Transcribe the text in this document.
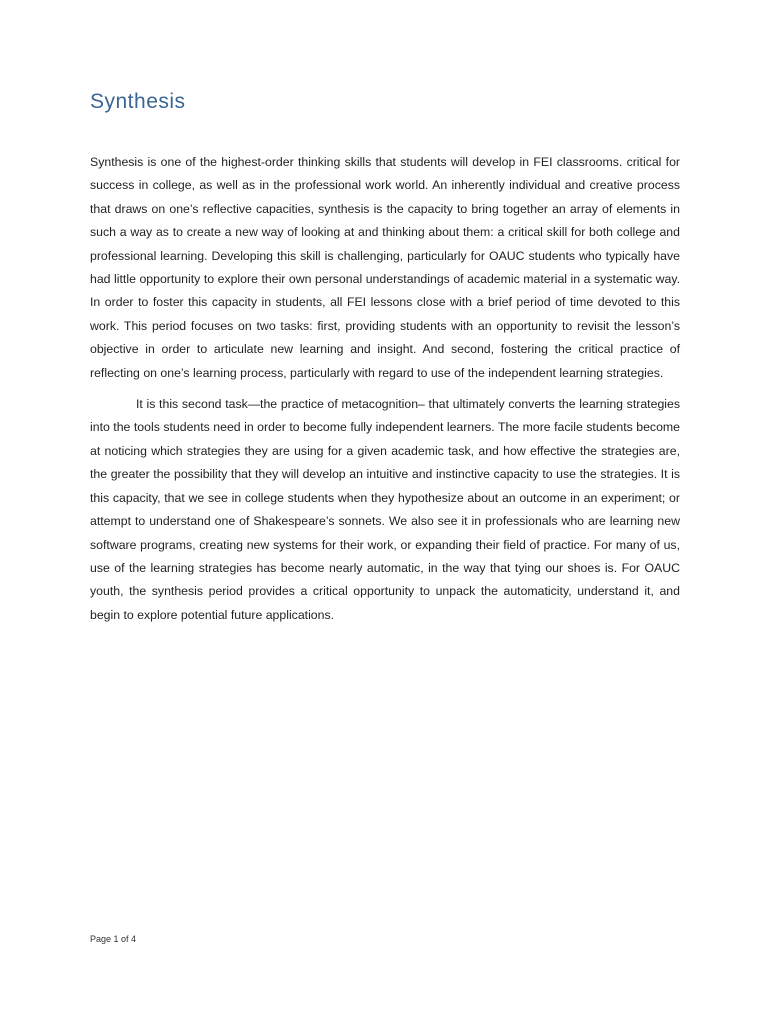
Synthesis

Synthesis is one of the highest-order thinking skills that students will develop in FEI classrooms. critical for success in college, as well as in the professional work world. An inherently individual and creative process that draws on one’s reflective capacities, synthesis is the capacity to bring together an array of elements in such a way as to create a new way of looking at and thinking about them: a critical skill for both college and professional learning. Developing this skill is challenging, particularly for OAUC students who typically have had little opportunity to explore their own personal understandings of academic material in a systematic way. In order to foster this capacity in students, all FEI lessons close with a brief period of time devoted to this work. This period focuses on two tasks: first, providing students with an opportunity to revisit the lesson’s objective in order to articulate new learning and insight. And second, fostering the critical practice of reflecting on one’s learning process, particularly with regard to use of the independent learning strategies.

It is this second task—the practice of metacognition– that ultimately converts the learning strategies into the tools students need in order to become fully independent learners. The more facile students become at noticing which strategies they are using for a given academic task, and how effective the strategies are, the greater the possibility that they will develop an intuitive and instinctive capacity to use the strategies. It is this capacity, that we see in college students when they hypothesize about an outcome in an experiment; or attempt to understand one of Shakespeare’s sonnets. We also see it in professionals who are learning new software programs, creating new systems for their work, or expanding their field of practice. For many of us, use of the learning strategies has become nearly automatic, in the way that tying our shoes is. For OAUC youth, the synthesis period provides a critical opportunity to unpack the automaticity, understand it, and begin to explore potential future applications.

Page 1 of 4
